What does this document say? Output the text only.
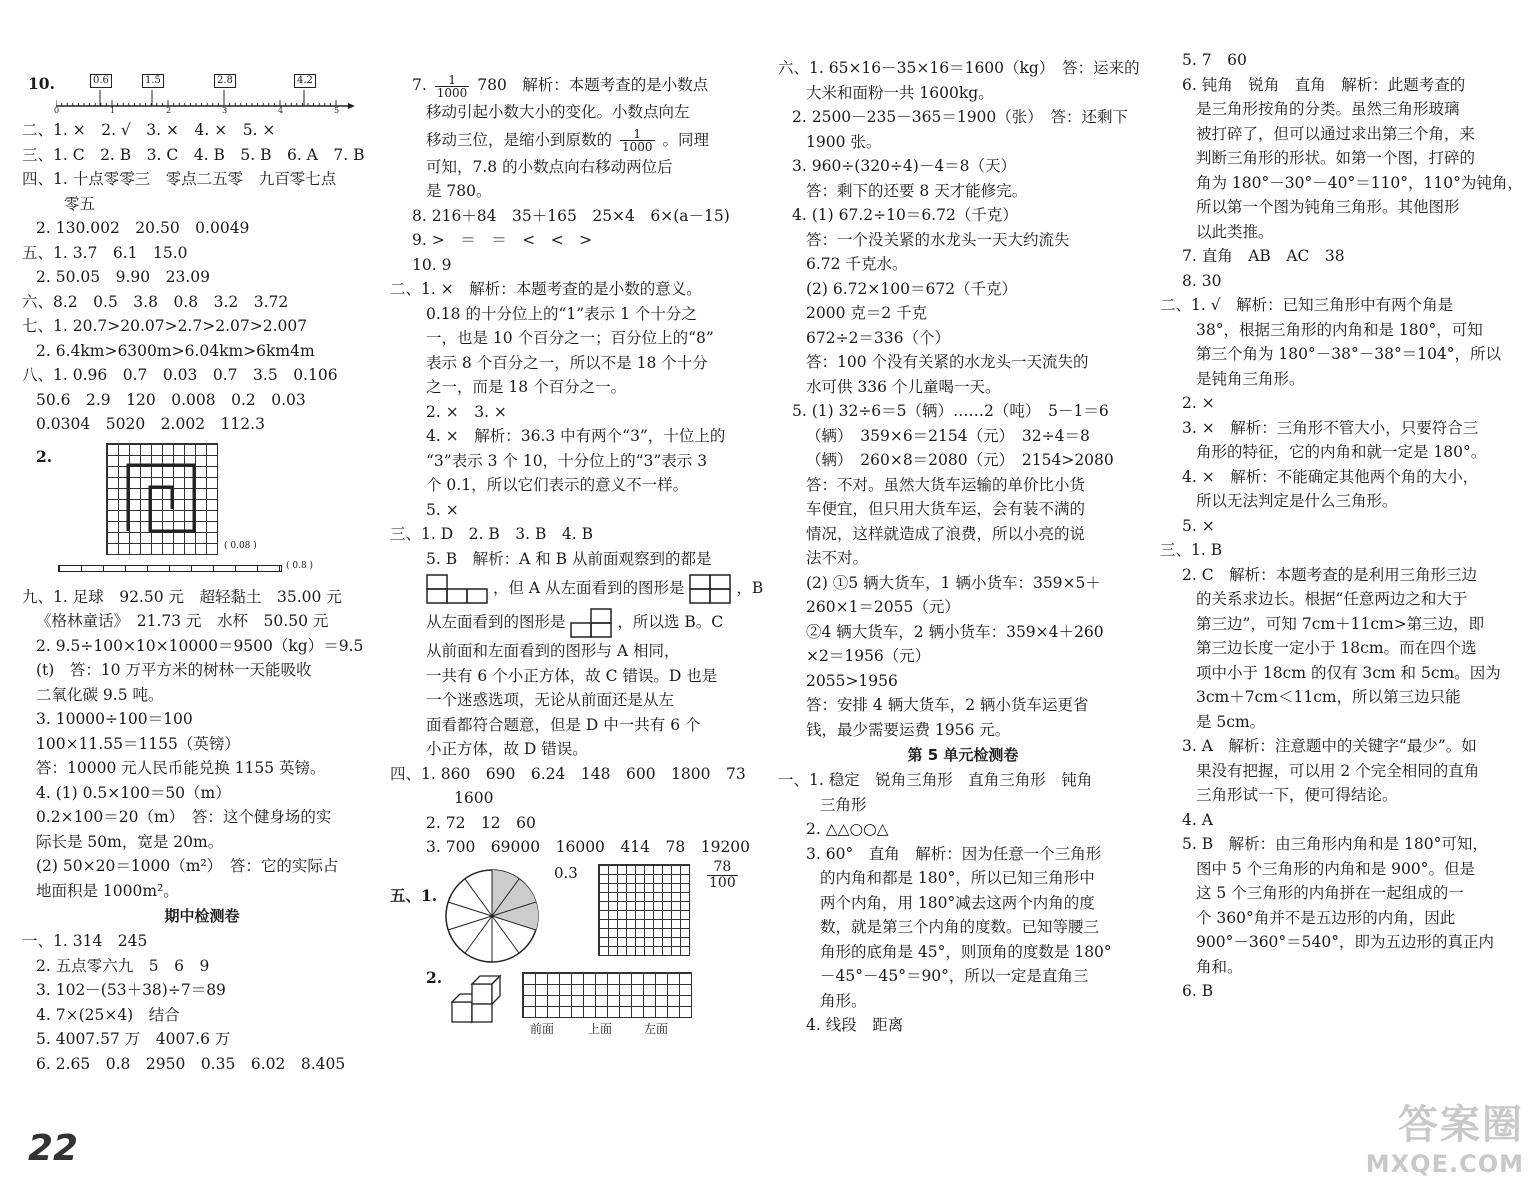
10.	0.6	1.5	2.8	4.2
0	1	2	3	4	5
二、1. ×　2. √　3. ×　4. ×　5. ×
三、1. C　2. B　3. C　4. B　5. B　6. A　7. B
四、1. 十点零零三　零点二五零　九百零七点
零五
2. 130.002　20.50　0.0049
五、1. 3.7　6.1　15.0
2. 50.05　9.90　23.09
六、8.2　0.5　3.8　0.8　3.2　3.72
七、1. 20.7>20.07>2.7>2.07>2.007
2. 6.4km>6300m>6.04km>6km4m
八、1. 0.96　0.7　0.03　0.7　3.5　0.106
50.6　2.9　120　0.008　0.2　0.03
0.0304　5020　2.002　112.3
2.
( 0.08 )
( 0.8 )
九、1. 足球　92.50 元　超轻黏土　35.00 元
《格林童话》　21.73 元　水杯　50.50 元
2. 9.5÷100×10×10000＝9500（kg）＝9.5
(t)　答：10 万平方米的树林一天能吸收
二氧化碳 9.5 吨。
3. 10000÷100＝100
100×11.55＝1155（英镑）
答：10000 元人民币能兑换 1155 英镑。
4. (1) 0.5×100＝50（m）
0.2×100＝20（m）　答：这个健身场的实
际长是 50m，宽是 20m。
(2) 50×20＝1000（m²）　答：它的实际占
地面积是 1000m²。
期中检测卷
一、1. 314　245
2. 五点零六九　5　6　9
3. 102－(53＋38)÷7＝89
4. 7×(25×4)　结合
5. 4007.57 万　4007.6 万
6. 2.65　0.8　2950　0.35　6.02　8.405
7. $\frac{1}{1000} 780$　解析：本题考查的是小数点
移动引起小数大小的变化。小数点向左
移动三位，是缩小到原数的 $\frac{1}{1000}$ 。同理
可知，7.8 的小数点向右移动两位后
是 780。
8. 216＋84　35＋165　25×4　6×(a－15)
9. >　＝　＝　<　<　>
10. 9
二、1. ×　解析：本题考查的是小数的意义。
0.18 的十分位上的“1”表示 1 个十分之
一，也是 10 个百分之一；百分位上的“8”
表示 8 个百分之一，所以不是 18 个十分
之一，而是 18 个百分之一。
2. ×　3. ×
4. ×　解析：36.3 中有两个“3”，十位上的
“3”表示 3 个 10，十分位上的“3”表示 3
个 0.1，所以它们表示的意义不一样。
5. ×
三、1. D　2. B　3. B　4. B
5. B　解析：A 和 B 从前面观察到的都是
，但 A 从左面看到的图形是	，B
从左面看到的图形是	，所以选 B。C
从前面和左面看到的图形与 A 相同，
一共有 6 个小正方体，故 C 错误。D 也是
一个迷惑选项，无论从前面还是从左
面看都符合题意，但是 D 中一共有 6 个
小正方体，故 D 错误。
四、1. 860　690　6.24　148　600　1800　73
1600
2. 72　12　60
3. 700　69000　16000　414　78　19200
五、1.
0.3	$\frac{78}{100}$
2.
前面	上面	左面
六、1. 65×16－35×16＝1600（kg）　答：运来的
大米和面粉一共 1600kg。
2. 2500－235－365＝1900（张）　答：还剩下
1900 张。
3. 960÷(320÷4)－4＝8（天）
答：剩下的还要 8 天才能修完。
4. (1) 67.2÷10＝6.72（千克）
答：一个没关紧的水龙头一天大约流失
6.72 千克水。
(2) 6.72×100＝672（千克）
2000 克＝2 千克
672÷2＝336（个）
答：100 个没有关紧的水龙头一天流失的
水可供 336 个儿童喝一天。
5. (1) 32÷6＝5（辆）……2（吨）　5－1＝6
（辆）　359×6＝2154（元）　32÷4＝8
（辆）　260×8＝2080（元）　2154>2080
答：不对。虽然大货车运输的单价比小货
车便宜，但只用大货车运，会有装不满的
情况，这样就造成了浪费，所以小亮的说
法不对。
(2) ①5 辆大货车，1 辆小货车：359×5＋
260×1＝2055（元）
②4 辆大货车，2 辆小货车：359×4＋260
×2＝1956（元）
2055>1956
答：安排 4 辆大货车，2 辆小货车运更省
钱，最少需要运费 1956 元。
第 5 单元检测卷
一、1. 稳定　锐角三角形　直角三角形　钝角
三角形
2. △△○○△
3. 60°　直角　解析：因为任意一个三角形
的内角和都是 180°，所以已知三角形中
两个内角，用 180°减去这两个内角的度
数，就是第三个内角的度数。已知等腰三
角形的底角是 45°，则顶角的度数是 180°
－45°－45°＝90°，所以一定是直角三
角形。
4. 线段　距离
5. 7　60
6. 钝角　锐角　直角　解析：此题考查的
是三角形按角的分类。虽然三角形玻璃
被打碎了，但可以通过求出第三个角，来
判断三角形的形状。如第一个图，打碎的
角为 180°－30°－40°＝110°，110°为钝角，
所以第一个图为钝角三角形。其他图形
以此类推。
7. 直角　AB　AC　38
8. 30
二、1. √　解析：已知三角形中有两个角是
38°，根据三角形的内角和是 180°，可知
第三个角为 180°－38°－38°＝104°，所以
是钝角三角形。
2. ×
3. ×　解析：三角形不管大小，只要符合三
角形的特征，它的内角和就一定是 180°。
4. ×　解析：不能确定其他两个角的大小，
所以无法判定是什么三角形。
5. ×
三、1. B
2. C　解析：本题考查的是利用三角形三边
的关系求边长。根据“任意两边之和大于
第三边”，可知 7cm＋11cm>第三边，即
第三边长度一定小于 18cm。而在四个选
项中小于 18cm 的仅有 3cm 和 5cm。因为
3cm＋7cm＜11cm，所以第三边只能
是 5cm。
3. A　解析：注意题中的关键字“最少”。如
果没有把握，可以用 2 个完全相同的直角
三角形试一下，便可得结论。
4. A
5. B　解析：由三角形内角和是 180°可知，
图中 5 个三角形的内角和是 900°。但是
这 5 个三角形的内角拼在一起组成的一
个 360°角并不是五边形的内角，因此
900°－360°＝540°，即为五边形的真正内
角和。
6. B
22
答案圈
MXQE.COM
